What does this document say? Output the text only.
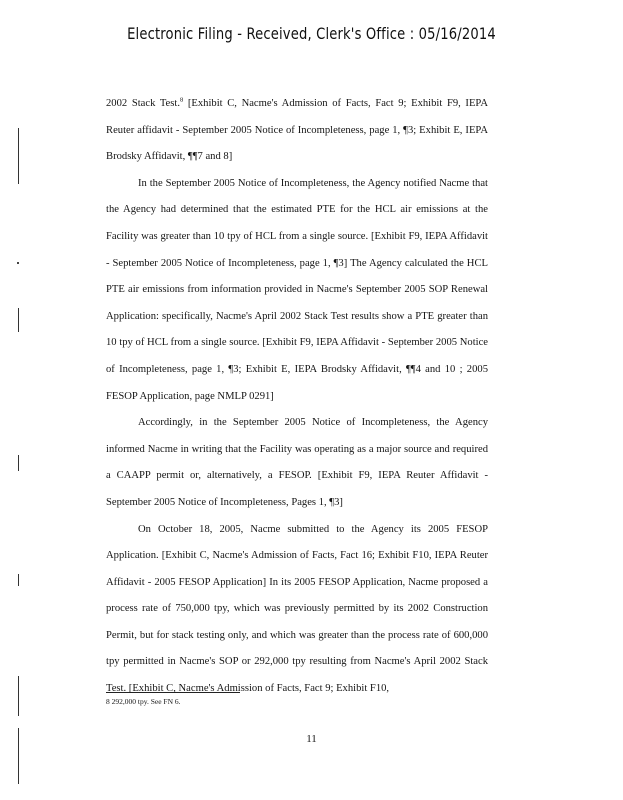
Electronic Filing - Received, Clerk's Office : 05/16/2014

2002 Stack Test.$^8$ [Exhibit C, Nacme's Admission of Facts, Fact 9; Exhibit F9, IEPA Reuter affidavit - September 2005 Notice of Incompleteness, page 1, ¶3; Exhibit E, IEPA Brodsky Affidavit, ¶¶7 and 8]

In the September 2005 Notice of Incompleteness, the Agency notified Nacme that the Agency had determined that the estimated PTE for the HCL air emissions at the Facility was greater than 10 tpy of HCL from a single source. [Exhibit F9, IEPA Affidavit - September 2005 Notice of Incompleteness, page 1, ¶3] The Agency calculated the HCL PTE air emissions from information provided in Nacme's September 2005 SOP Renewal Application: specifically, Nacme's April 2002 Stack Test results show a PTE greater than 10 tpy of HCL from a single source. [Exhibit F9, IEPA Affidavit - September 2005 Notice of Incompleteness, page 1, ¶3; Exhibit E, IEPA Brodsky Affidavit, ¶¶4 and 10 ; 2005 FESOP Application, page NMLP 0291]

Accordingly, in the September 2005 Notice of Incompleteness, the Agency informed Nacme in writing that the Facility was operating as a major source and required a CAAPP permit or, alternatively, a FESOP. [Exhibit F9, IEPA Reuter Affidavit - September 2005 Notice of Incompleteness, Pages 1, ¶3]

On October 18, 2005, Nacme submitted to the Agency its 2005 FESOP Application. [Exhibit C, Nacme's Admission of Facts, Fact 16; Exhibit F10, IEPA Reuter Affidavit - 2005 FESOP Application] In its 2005 FESOP Application, Nacme proposed a process rate of 750,000 tpy, which was previously permitted by its 2002 Construction Permit, but for stack testing only, and which was greater than the process rate of 600,000 tpy permitted in Nacme's SOP or 292,000 tpy resulting from Nacme's April 2002 Stack Test. [Exhibit C, Nacme's Admission of Facts, Fact 9; Exhibit F10,

8 292,000 tpy. See FN 6.
11
